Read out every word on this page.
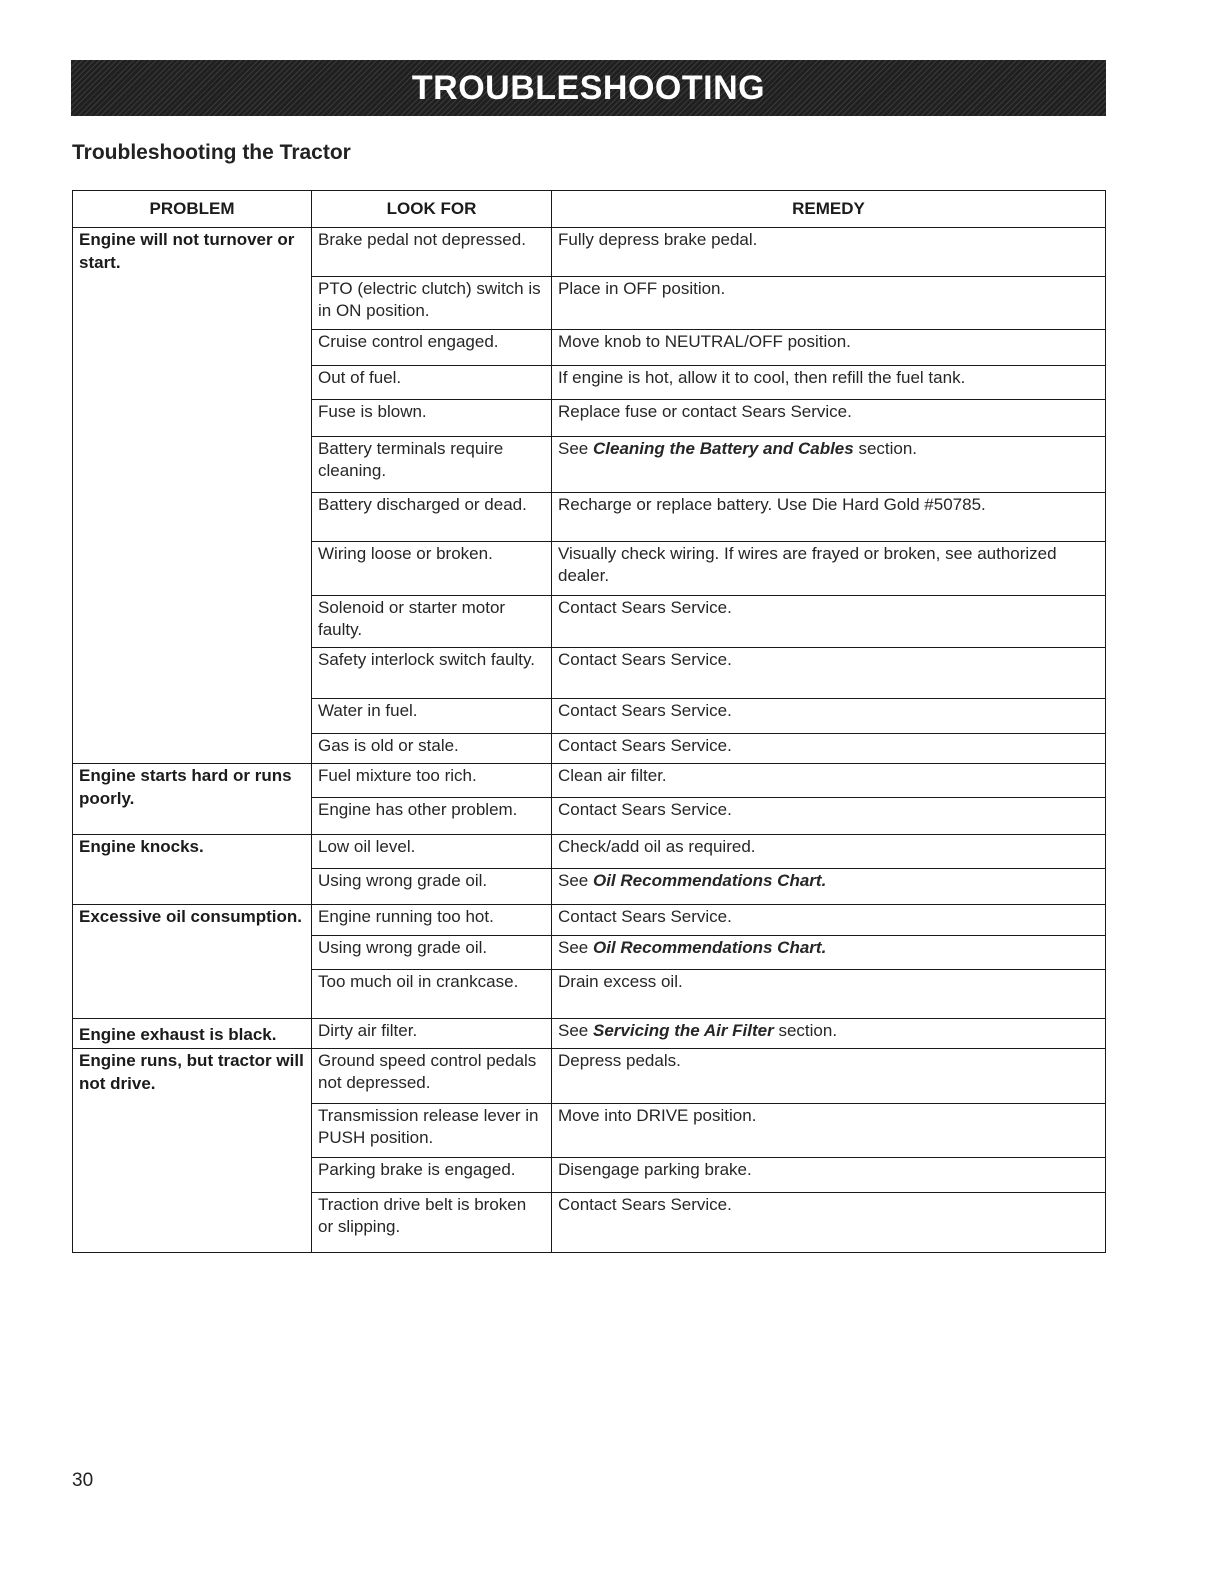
TROUBLESHOOTING
Troubleshooting the Tractor
PROBLEM	LOOK FOR	REMEDY
Engine will not turnover or start.	Brake pedal not depressed.	Fully depress brake pedal.
	PTO (electric clutch) switch is in ON position.	Place in OFF position.
	Cruise control engaged.	Move knob to NEUTRAL/OFF position.
	Out of fuel.	If engine is hot, allow it to cool, then refill the fuel tank.
	Fuse is blown.	Replace fuse or contact Sears Service.
	Battery terminals require cleaning.	See Cleaning the Battery and Cables section.
	Battery discharged or dead.	Recharge or replace battery. Use Die Hard Gold #50785.
	Wiring loose or broken.	Visually check wiring. If wires are frayed or broken, see authorized dealer.
	Solenoid or starter motor faulty.	Contact Sears Service.
	Safety interlock switch faulty.	Contact Sears Service.
	Water in fuel.	Contact Sears Service.
	Gas is old or stale.	Contact Sears Service.
Engine starts hard or runs poorly.	Fuel mixture too rich.	Clean air filter.
	Engine has other problem.	Contact Sears Service.
Engine knocks.	Low oil level.	Check/add oil as required.
	Using wrong grade oil.	See Oil Recommendations Chart.
Excessive oil consumption.	Engine running too hot.	Contact Sears Service.
	Using wrong grade oil.	See Oil Recommendations Chart.
	Too much oil in crankcase.	Drain excess oil.
Engine exhaust is black.	Dirty air filter.	See Servicing the Air Filter section.
Engine runs, but tractor will not drive.	Ground speed control pedals not depressed.	Depress pedals.
	Transmission release lever in PUSH position.	Move into DRIVE position.
	Parking brake is engaged.	Disengage parking brake.
	Traction drive belt is broken or slipping.	Contact Sears Service.
30
